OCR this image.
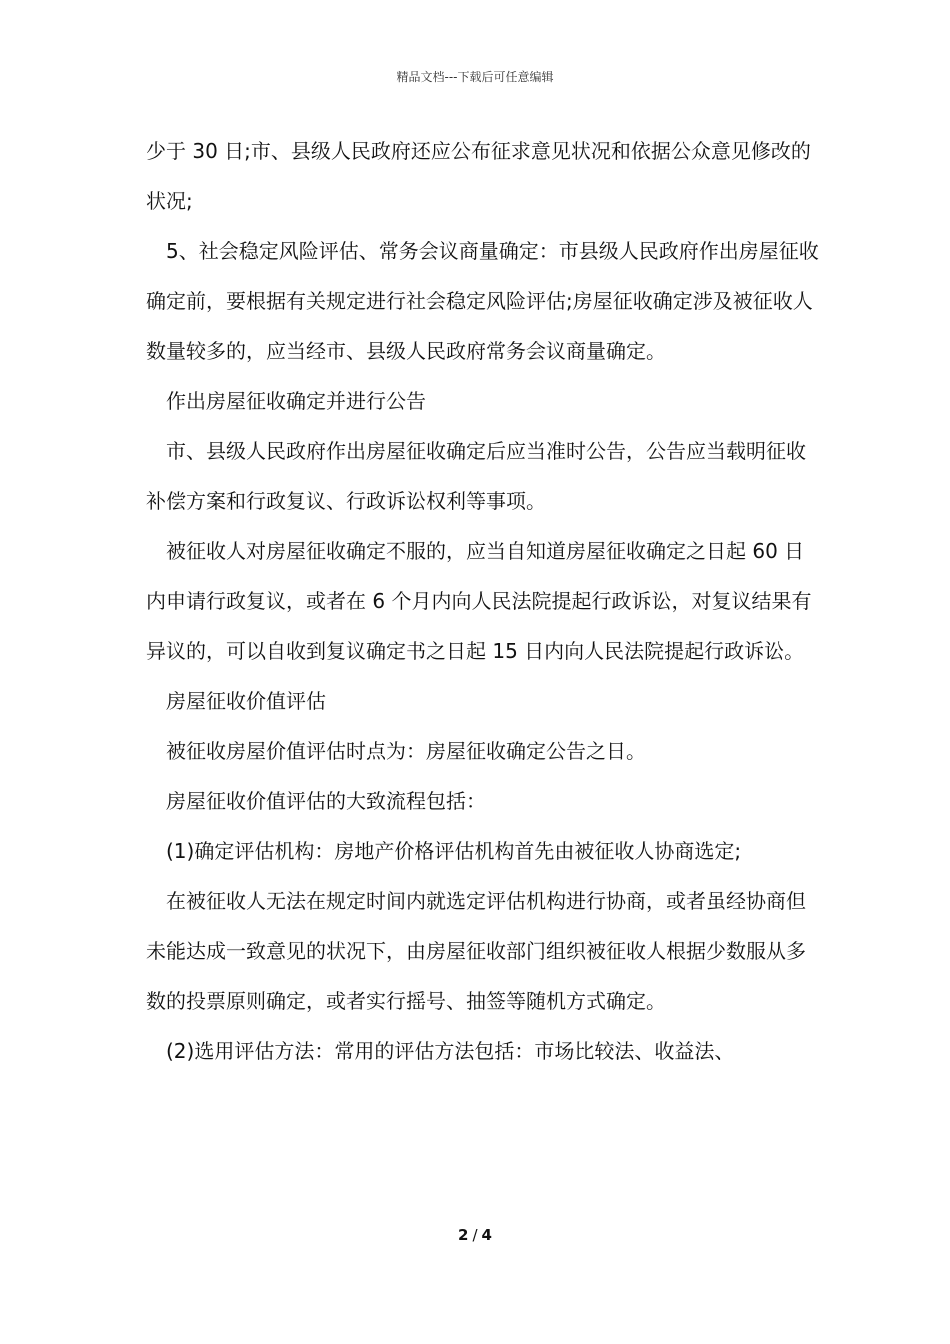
精品文档---下载后可任意编辑

少于 30 日;市、县级人民政府还应公布征求意见状况和依据公众意见修改的状况;

5、社会稳定风险评估、常务会议商量确定：市县级人民政府作出房屋征收确定前，要根据有关规定进行社会稳定风险评估;房屋征收确定涉及被征收人数量较多的，应当经市、县级人民政府常务会议商量确定。

作出房屋征收确定并进行公告

市、县级人民政府作出房屋征收确定后应当准时公告，公告应当载明征收补偿方案和行政复议、行政诉讼权利等事项。

被征收人对房屋征收确定不服的，应当自知道房屋征收确定之日起 60 日内申请行政复议，或者在 6 个月内向人民法院提起行政诉讼，对复议结果有异议的，可以自收到复议确定书之日起 15 日内向人民法院提起行政诉讼。

房屋征收价值评估

被征收房屋价值评估时点为：房屋征收确定公告之日。

房屋征收价值评估的大致流程包括：

(1)确定评估机构：房地产价格评估机构首先由被征收人协商选定;

在被征收人无法在规定时间内就选定评估机构进行协商，或者虽经协商但未能达成一致意见的状况下，由房屋征收部门组织被征收人根据少数服从多数的投票原则确定，或者实行摇号、抽签等随机方式确定。

(2)选用评估方法：常用的评估方法包括：市场比较法、收益法、

2 / 4
